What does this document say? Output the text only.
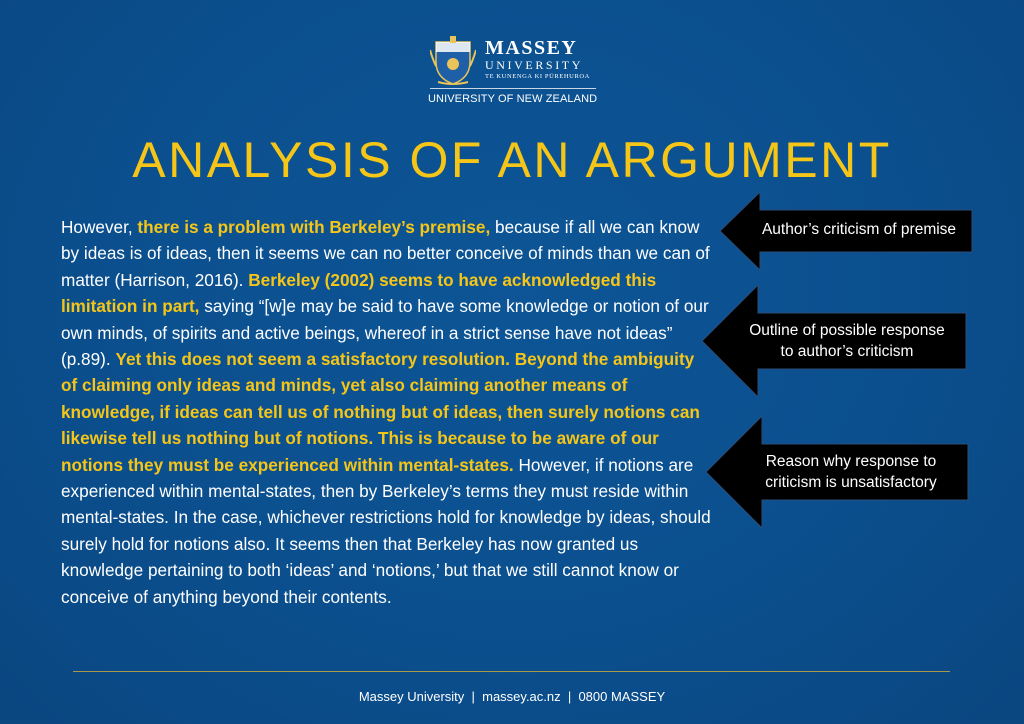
MASSEY
UNIVERSITY
TE KUNENGA KI PŪREHUROA
UNIVERSITY OF NEW ZEALAND
ANALYSIS OF AN ARGUMENT
However, there is a problem with Berkeley’s premise, because if all we can know by ideas is of ideas, then it seems we can no better conceive of minds than we can of matter (Harrison, 2016). Berkeley (2002) seems to have acknowledged this limitation in part, saying “[w]e may be said to have some knowledge or notion of our own minds, of spirits and active beings, whereof in a strict sense have not ideas” (p.89). Yet this does not seem a satisfactory resolution. Beyond the ambiguity of claiming only ideas and minds, yet also claiming another means of knowledge, if ideas can tell us of nothing but of ideas, then surely notions can likewise tell us nothing but of notions. This is because to be aware of our notions they must be experienced within mental-states. However, if notions are experienced within mental-states, then by Berkeley’s terms they must reside within mental-states. In the case, whichever restrictions hold for knowledge by ideas, should surely hold for notions also. It seems then that Berkeley has now granted us knowledge pertaining to both ‘ideas’ and ‘notions,’ but that we still cannot know or conceive of anything beyond their contents.
Author’s criticism of premise
Outline of possible response
to author’s criticism
Reason why response to
criticism is unsatisfactory
Massey University  |  massey.ac.nz  |  0800 MASSEY
